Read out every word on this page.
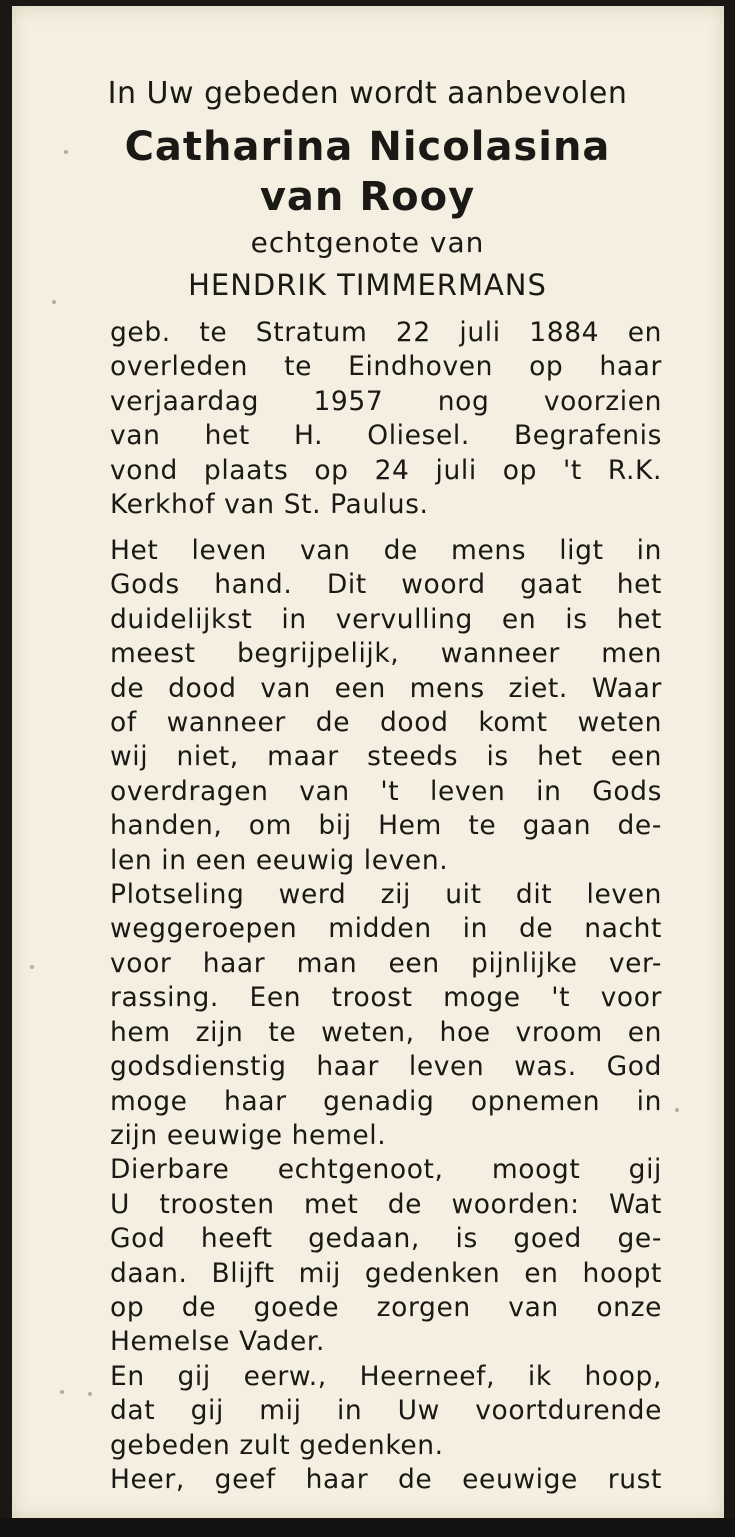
In Uw gebeden wordt aanbevolen
Catharina Nicolasina
van Rooy
echtgenote van
HENDRIK TIMMERMANS
geb. te Stratum 22 juli 1884 en
overleden te Eindhoven op haar
verjaardag 1957 nog voorzien
van het H. Oliesel. Begrafenis
vond plaats op 24 juli op 't R.K.
Kerkhof van St. Paulus.
Het leven van de mens ligt in
Gods hand. Dit woord gaat het
duidelijkst in vervulling en is het
meest begrijpelijk, wanneer men
de dood van een mens ziet. Waar
of wanneer de dood komt weten
wij niet, maar steeds is het een
overdragen van 't leven in Gods
handen, om bij Hem te gaan de-
len in een eeuwig leven.
Plotseling werd zij uit dit leven
weggeroepen midden in de nacht
voor haar man een pijnlijke ver-
rassing. Een troost moge 't voor
hem zijn te weten, hoe vroom en
godsdienstig haar leven was. God
moge haar genadig opnemen in
zijn eeuwige hemel.
Dierbare echtgenoot, moogt gij
U troosten met de woorden: Wat
God heeft gedaan, is goed ge-
daan. Blijft mij gedenken en hoopt
op de goede zorgen van onze
Hemelse Vader.
En gij eerw., Heerneef, ik hoop,
dat gij mij in Uw voortdurende
gebeden zult gedenken.
Heer, geef haar de eeuwige rust
